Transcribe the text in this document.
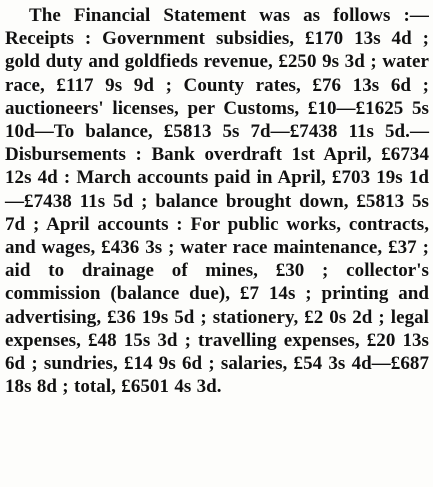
The Financial Statement was as follows :—Receipts : Government subsidies, £170 13s 4d ; gold duty and goldfieds revenue, £250 9s 3d ; water race, £117 9s 9d ; County rates, £76 13s 6d ; auctioneers' licenses, per Customs, £10—£1625 5s 10d—To balance, £5813 5s 7d—£7438 11s 5d.—Disbursements : Bank overdraft 1st April, £6734 12s 4d : March accounts paid in April, £703 19s 1d—£7438 11s 5d ; balance brought down, £5813 5s 7d ; April accounts : For public works, contracts, and wages, £436 3s ; water race maintenance, £37 ; aid to drainage of mines, £30 ; collector's commission (balance due), £7 14s ; printing and advertising, £36 19s 5d ; stationery, £2 0s 2d ; legal expenses, £48 15s 3d ; travelling expenses, £20 13s 6d ; sundries, £14 9s 6d ; salaries, £54 3s 4d—£687 18s 8d ; total, £6501 4s 3d.
